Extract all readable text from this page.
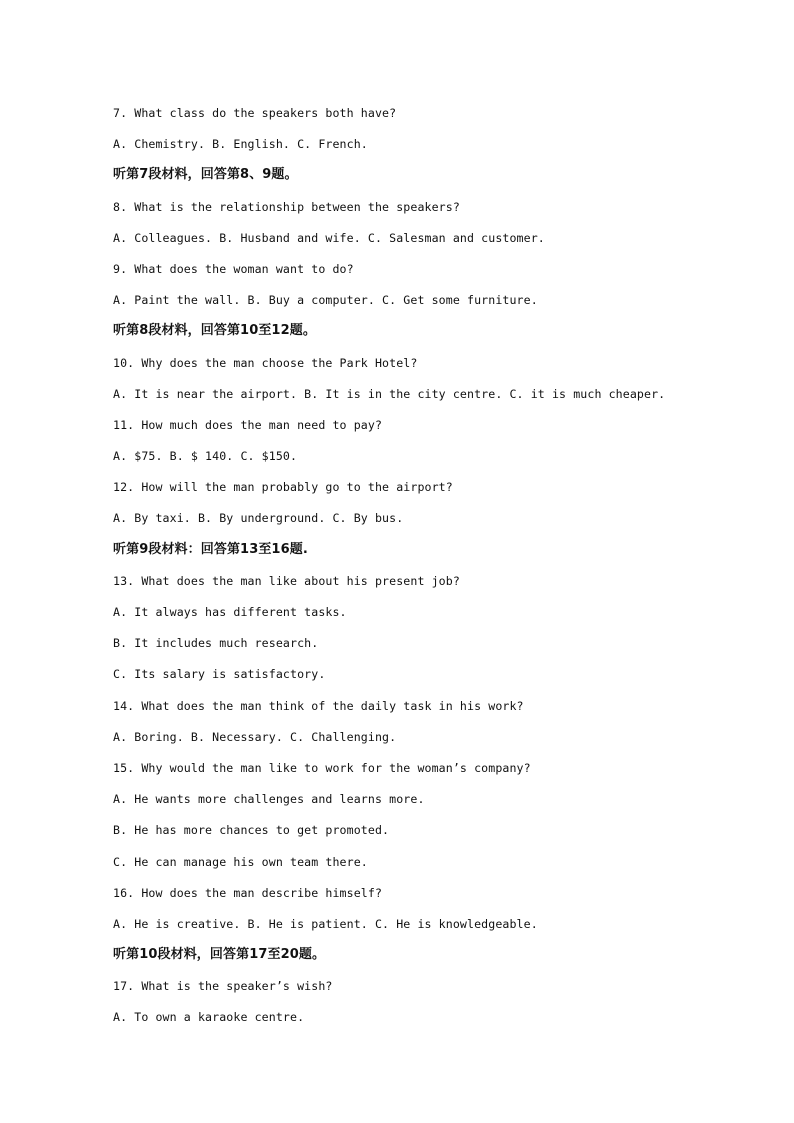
7. What class do the speakers both have?
A. Chemistry. B. English. C. French.
听第7段材料，回答第8、9题。
8. What is the relationship between the speakers?
A. Colleagues. B. Husband and wife. C. Salesman and customer.
9. What does the woman want to do?
A. Paint the wall. B. Buy a computer. C. Get some furniture.
听第8段材料，回答第10至12题。
10. Why does the man choose the Park Hotel?
A. It is near the airport. B. It is in the city centre. C. it is much cheaper.
11. How much does the man need to pay?
A. $75. B. $ 140. C. $150.
12. How will the man probably go to the airport?
A. By taxi. B. By underground. C. By bus.
听第9段材料：回答第13至16题.
13. What does the man like about his present job?
A. It always has different tasks.
B. It includes much research.
C. Its salary is satisfactory.
14. What does the man think of the daily task in his work?
A. Boring. B. Necessary. C. Challenging.
15. Why would the man like to work for the woman’s company?
A. He wants more challenges and learns more.
B. He has more chances to get promoted.
C. He can manage his own team there.
16. How does the man describe himself?
A. He is creative. B. He is patient. C. He is knowledgeable.
听第10段材料，回答第17至20题。
17. What is the speaker’s wish?
A. To own a karaoke centre.
